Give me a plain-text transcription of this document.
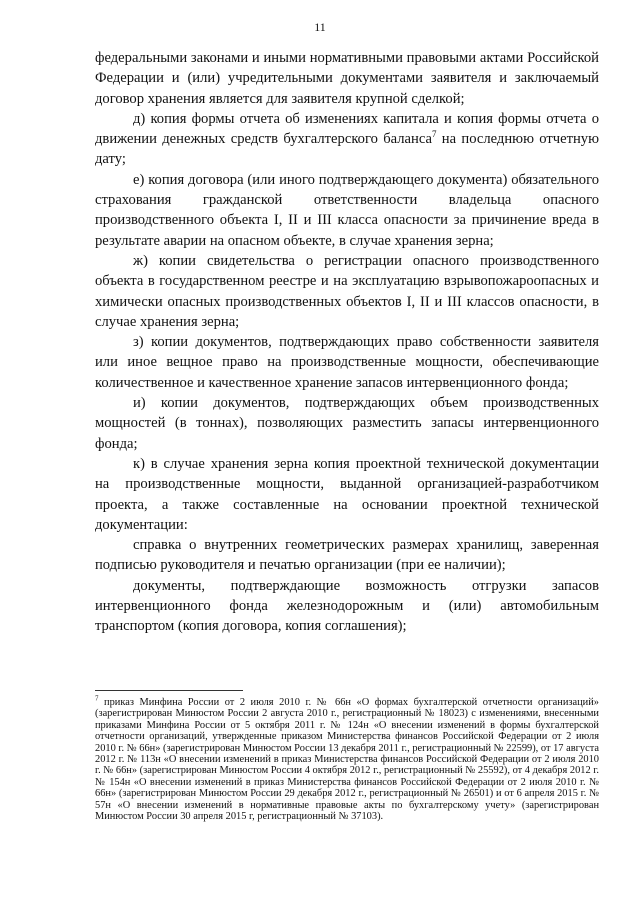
11

федеральными законами и иными нормативными правовыми актами Российской Федерации и (или) учредительными документами заявителя и заключаемый договор хранения является для заявителя крупной сделкой;

д) копия формы отчета об изменениях капитала и копия формы отчета о движении денежных средств бухгалтерского баланса$^7$ на последнюю отчетную дату;

е) копия договора (или иного подтверждающего документа) обязательного страхования гражданской ответственности владельца опасного производственного объекта I, II и III класса опасности за причинение вреда в результате аварии на опасном объекте, в случае хранения зерна;

ж) копии свидетельства о регистрации опасного производственного объекта в государственном реестре и на эксплуатацию взрывопожароопасных и химически опасных производственных объектов I, II и III классов опасности, в случае хранения зерна;

з) копии документов, подтверждающих право собственности заявителя или иное вещное право на производственные мощности, обеспечивающие количественное и качественное хранение запасов интервенционного фонда;

и) копии документов, подтверждающих объем производственных мощностей (в тоннах), позволяющих разместить запасы интервенционного фонда;

к) в случае хранения зерна копия проектной технической документации на производственные мощности, выданной организацией-разработчиком проекта, а также составленные на основании проектной технической документации:

справка о внутренних геометрических размерах хранилищ, заверенная подписью руководителя и печатью организации (при ее наличии);

документы, подтверждающие возможность отгрузки запасов интервенционного фонда железнодорожным и (или) автомобильным транспортом (копия договора, копия соглашения);

$^7$ приказ Минфина России от 2 июля 2010 г. № 66н «О формах бухгалтерской отчетности организаций» (зарегистрирован Минюстом России 2 августа 2010 г., регистрационный № 18023) с изменениями, внесенными приказами Минфина России от 5 октября 2011 г. № 124н «О внесении изменений в формы бухгалтерской отчетности организаций, утвержденные приказом Министерства финансов Российской Федерации от 2 июля 2010 г. № 66н» (зарегистрирован Минюстом России 13 декабря 2011 г., регистрационный № 22599), от 17 августа 2012 г. № 113н «О внесении изменений в приказ Министерства финансов Российской Федерации от 2 июля 2010 г. № 66н» (зарегистрирован Минюстом России 4 октября 2012 г., регистрационный № 25592), от 4 декабря 2012 г. № 154н «О внесении изменений в приказ Министерства финансов Российской Федерации от 2 июля 2010 г. № 66н» (зарегистрирован Минюстом России 29 декабря 2012 г., регистрационный № 26501) и от 6 апреля 2015 г. № 57н «О внесении изменений в нормативные правовые акты по бухгалтерскому учету» (зарегистрирован Минюстом России 30 апреля 2015 г, регистрационный № 37103).
